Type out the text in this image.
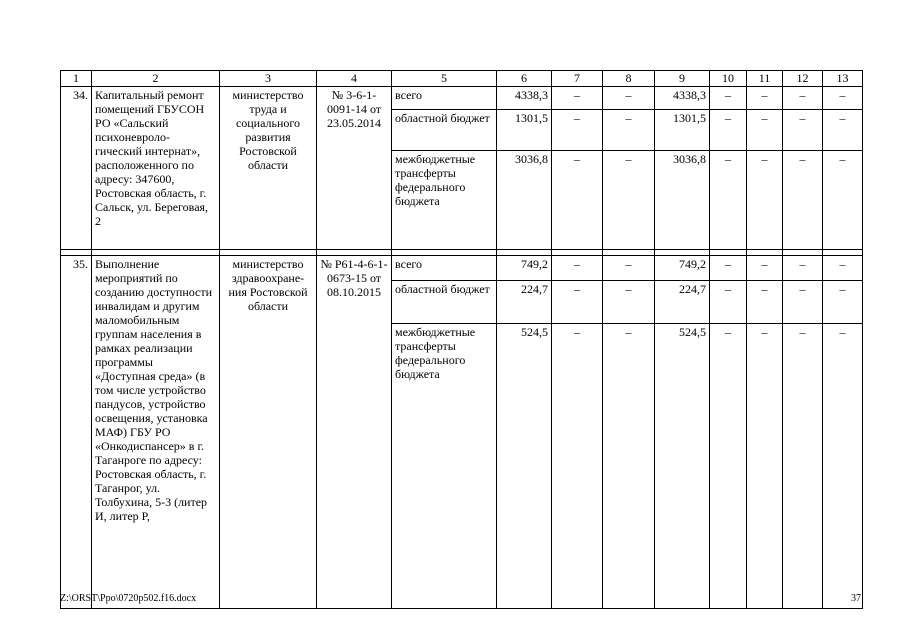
1	2	3	4	5	6	7	8	9	10	11	12	13
34.	Капитальный ремонт помещений ГБУСОН РО «Сальский психоневроло-гический интернат», расположенного по адресу: 347600, Ростовская область, г. Сальск, ул. Береговая, 2	министерство труда и социального развития Ростовской области	№ 3-6-1-0091-14 от 23.05.2014	всего	4338,3	–	–	4338,3	–	–	–	–
				областной бюджет	1301,5	–	–	1301,5	–	–	–	–
				межбюджетные трансферты федерального бюджета	3036,8	–	–	3036,8	–	–	–	–

35.	Выполнение мероприятий по созданию доступности инвалидам и другим маломобильным группам населения в рамках реализации программы «Доступная среда» (в том числе устройство пандусов, устройство освещения, установка МАФ) ГБУ РО «Онкодиспансер» в г. Таганроге по адресу: Ростовская область, г. Таганрог, ул. Толбухина, 5-3 (литер И, литер Р,	министерство здравоохране-ния Ростовской области	№ Р61-4-6-1-0673-15 от 08.10.2015	всего	749,2	–	–	749,2	–	–	–	–
				областной бюджет	224,7	–	–	224,7	–	–	–	–
				межбюджетные трансферты федерального бюджета	524,5	–	–	524,5	–	–	–	–
Z:\ORST\Ppo\0720p502.f16.docx	37
